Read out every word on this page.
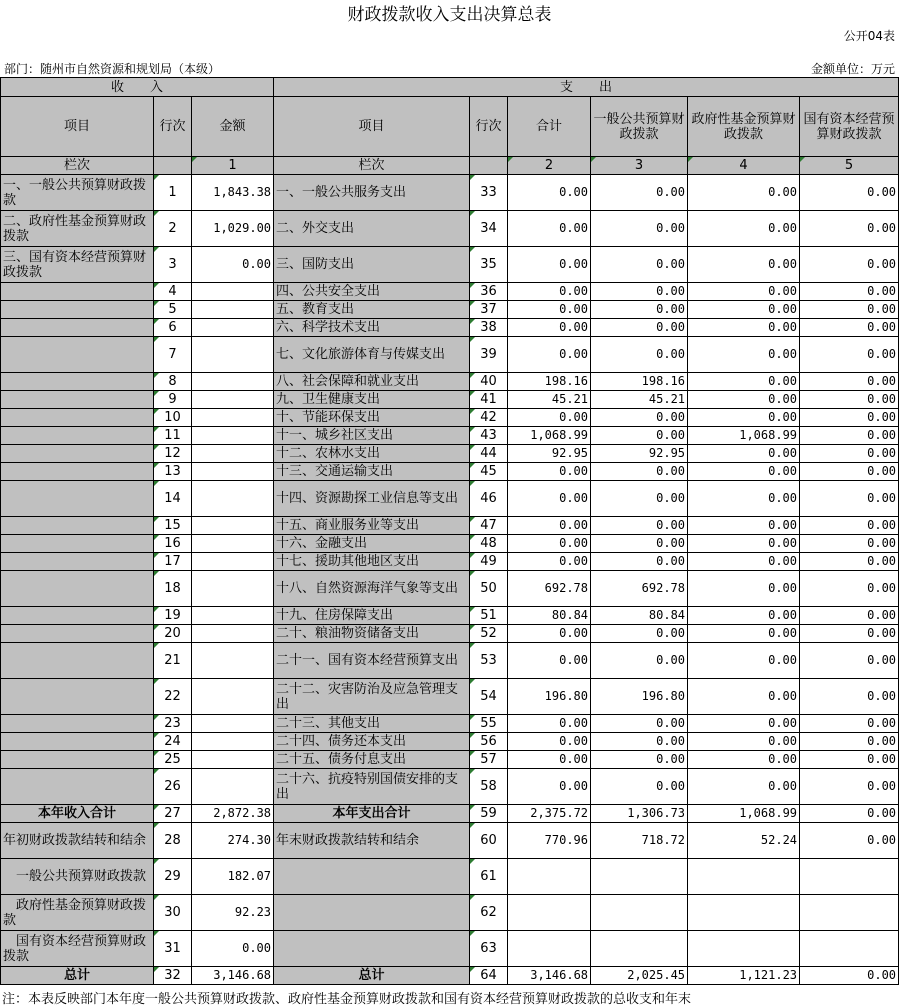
财政拨款收入支出决算总表
公开04表
部门：随州市自然资源和规划局（本级）	金额单位：万元
收　　入			支　　出					
项目	行次	金额	项目	行次	合计	一般公共预算财政拨款	政府性基金预算财政拨款	国有资本经营预算财政拨款
栏次		1	栏次		2	3	4	5
一、一般公共预算财政拨款	1	1,843.38	一、一般公共服务支出	33	0.00	0.00	0.00	0.00
二、政府性基金预算财政拨款	2	1,029.00	二、外交支出	34	0.00	0.00	0.00	0.00
三、国有资本经营预算财政拨款	3	0.00	三、国防支出	35	0.00	0.00	0.00	0.00
	4		四、公共安全支出	36	0.00	0.00	0.00	0.00
	5		五、教育支出	37	0.00	0.00	0.00	0.00
	6		六、科学技术支出	38	0.00	0.00	0.00	0.00
	7		七、文化旅游体育与传媒支出	39	0.00	0.00	0.00	0.00
	8		八、社会保障和就业支出	40	198.16	198.16	0.00	0.00
	9		九、卫生健康支出	41	45.21	45.21	0.00	0.00
	10		十、节能环保支出	42	0.00	0.00	0.00	0.00
	11		十一、城乡社区支出	43	1,068.99	0.00	1,068.99	0.00
	12		十二、农林水支出	44	92.95	92.95	0.00	0.00
	13		十三、交通运输支出	45	0.00	0.00	0.00	0.00
	14		十四、资源勘探工业信息等支出	46	0.00	0.00	0.00	0.00
	15		十五、商业服务业等支出	47	0.00	0.00	0.00	0.00
	16		十六、金融支出	48	0.00	0.00	0.00	0.00
	17		十七、援助其他地区支出	49	0.00	0.00	0.00	0.00
	18		十八、自然资源海洋气象等支出	50	692.78	692.78	0.00	0.00
	19		十九、住房保障支出	51	80.84	80.84	0.00	0.00
	20		二十、粮油物资储备支出	52	0.00	0.00	0.00	0.00
	21		二十一、国有资本经营预算支出	53	0.00	0.00	0.00	0.00
	22		二十二、灾害防治及应急管理支出	54	196.80	196.80	0.00	0.00
	23		二十三、其他支出	55	0.00	0.00	0.00	0.00
	24		二十四、债务还本支出	56	0.00	0.00	0.00	0.00
	25		二十五、债务付息支出	57	0.00	0.00	0.00	0.00
	26		二十六、抗疫特别国债安排的支出	58	0.00	0.00	0.00	0.00
本年收入合计	27	2,872.38	本年支出合计	59	2,375.72	1,306.73	1,068.99	0.00
年初财政拨款结转和结余	28	274.30	年末财政拨款结转和结余	60	770.96	718.72	52.24	0.00
　一般公共预算财政拨款	29	182.07		61				
　政府性基金预算财政拨款	30	92.23		62				
　国有资本经营预算财政拨款	31	0.00		63				
总计	32	3,146.68	总计	64	3,146.68	2,025.45	1,121.23	0.00
注：本表反映部门本年度一般公共预算财政拨款、政府性基金预算财政拨款和国有资本经营预算财政拨款的总收支和年末
